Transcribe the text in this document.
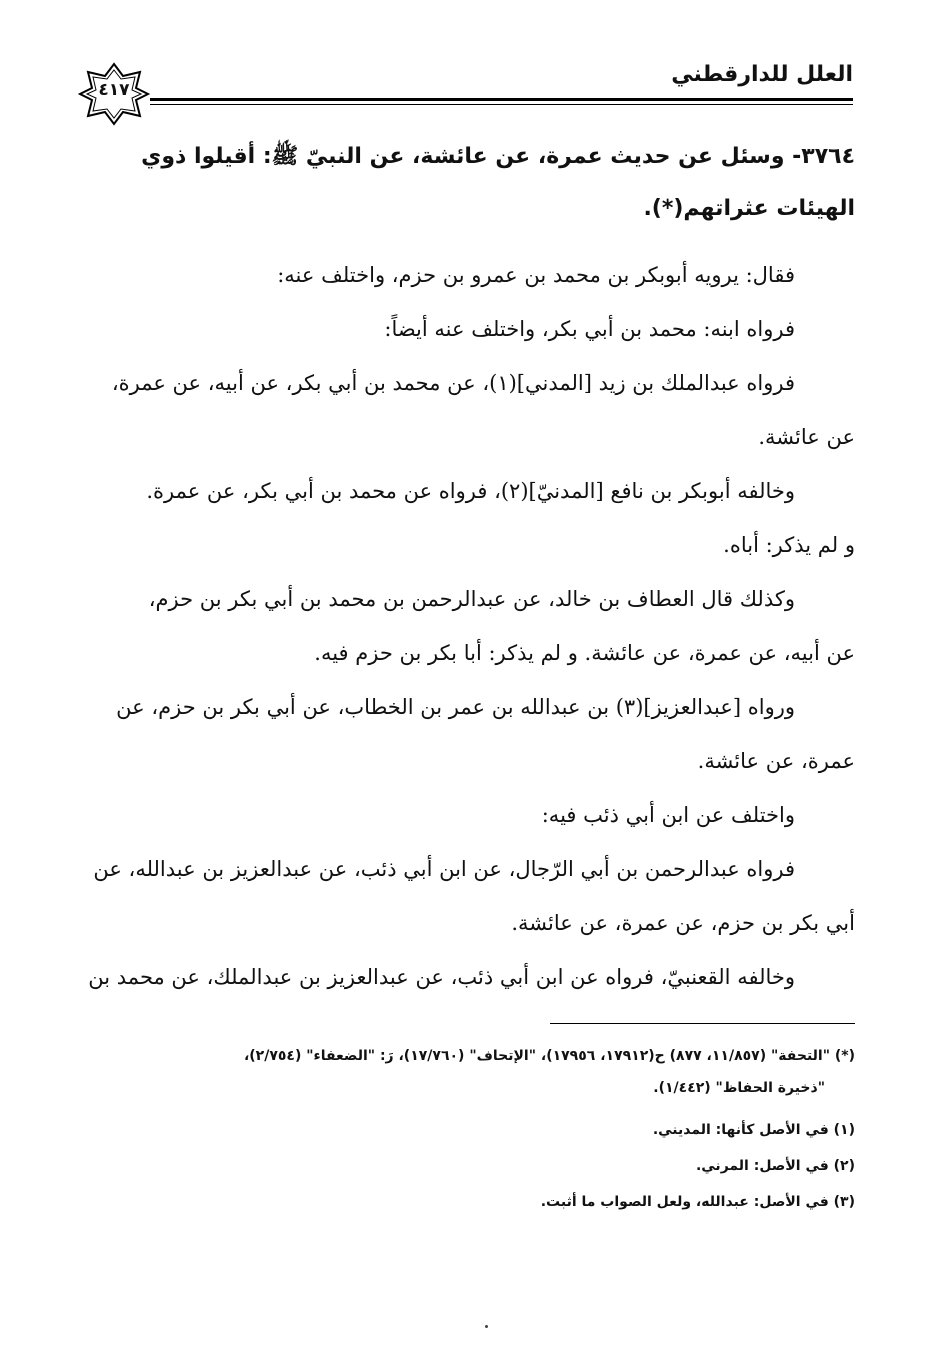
العلل للدارقطني
٤١٧
٣٧٦٤- وسئل عن حديث عمرة، عن عائشة، عن النبيّ ﷺ: أقيلوا ذوي
الهيئات عثراتهم(*).
فقال: يرويه أبوبكر بن محمد بن عمرو بن حزم، واختلف عنه:
فرواه ابنه: محمد بن أبي بكر، واختلف عنه أيضاً:
فرواه عبدالملك بن زيد [المدني](١)، عن محمد بن أبي بكر، عن أبيه، عن عمرة،
عن عائشة.
وخالفه أبوبكر بن نافع [المدنيّ](٢)، فرواه عن محمد بن أبي بكر، عن عمرة.
و لم يذكر: أباه.
وكذلك قال العطاف بن خالد، عن عبدالرحمن بن محمد بن أبي بكر بن حزم،
عن أبيه، عن عمرة، عن عائشة. و لم يذكر: أبا بكر بن حزم فيه.
ورواه [عبدالعزيز](٣) بن عبدالله بن عمر بن الخطاب، عن أبي بكر بن حزم، عن
عمرة، عن عائشة.
واختلف عن ابن أبي ذئب فيه:
فرواه عبدالرحمن بن أبي الرّجال، عن ابن أبي ذئب، عن عبدالعزيز بن عبدالله، عن
أبي بكر بن حزم، عن عمرة، عن عائشة.
وخالفه القعنبيّ، فرواه عن ابن أبي ذئب، عن عبدالعزيز بن عبدالملك، عن محمد بن
(*) "التحفة" (١١/٨٥٧، ٨٧٧) ح(١٧٩١٢، ١٧٩٥٦)، "الإتحاف" (١٧/٧٦٠)، رَ: "الضعفاء" (٢/٧٥٤)،
"ذخيرة الحفاظ" (١/٤٤٢).
(١) في الأصل كأنها: المديني.
(٢) في الأصل: المرني.
(٣) في الأصل: عبدالله، ولعل الصواب ما أثبت.
